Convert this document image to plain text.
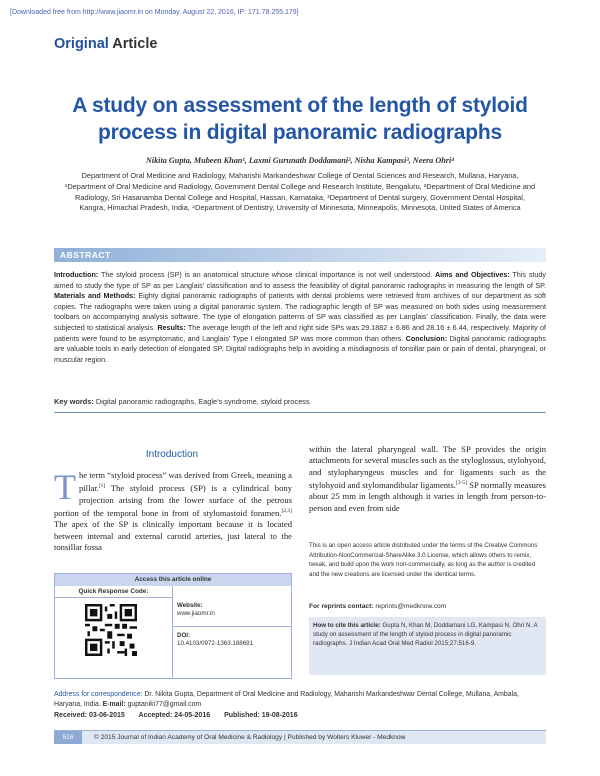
[Downloaded free from http://www.jiaomr.in on Monday, August 22, 2016, IP: 171.78.255.179]
Original Article
A study on assessment of the length of styloid process in digital panoramic radiographs
Nikita Gupta, Mubeen Khan¹, Laxmi Gurunath Doddamani², Nisha Kampasi³, Neera Ohri⁴
Department of Oral Medicine and Radiology, Maharishi Markandeshwar College of Dental Sciences and Research, Mullana, Haryana, ¹Department of Oral Medicine and Radiology, Government Dental College and Research Institute, Bengaluru, ²Department of Oral Medicine and Radiology, Sri Hasanamba Dental College and Hospital, Hassan, Karnataka, ³Department of Dental surgery, Government Dental Hospital, Kangra, Himachal Pradesh, India, ⁴Department of Dentistry, University of Minnesota, Minneapolis, Minnesota, United States of America
ABSTRACT
Introduction: The styloid process (SP) is an anatomical structure whose clinical importance is not well understood. Aims and Objectives: This study aimed to study the type of SP as per Langlais' classification and to assess the feasibility of digital panoramic radiographs in measuring the length of SP. Materials and Methods: Eighty digital panoramic radiographs of patients with dental problems were retrieved from archives of our department as soft copies. The radiographs were taken using a digital panoramic system. The radiographic length of SP was measured on both sides using measurement toolbars on accompanying analysis software. The type of elongation patterns of SP was classified as per Langlais' classification. Finally, the data were subjected to statistical analysis. Results: The average length of the left and right side SPs was 29.1882 ± 6.86 and 28.16 ± 6.44, respectively. Majority of patients were found to be asymptomatic, and Langlais' Type I elongated SP was more common than others. Conclusion: Digital panoramic radiographs are valuable tools in early detection of elongated SP. Digital radiographs help in avoiding a misdiagnosis of tonsillar pain or pain of dental, pharyngeal, or muscular region.
Key words: Digital panoramic radiographs, Eagle's syndrome, styloid process
Introduction
T he term “styloid process” was derived from Greek, meaning a pillar.[1] The styloid process (SP) is a cylindrical bony projection arising from the lower surface of the petrous portion of the temporal bone in front of stylomastoid foramen.[2,3] The apex of the SP is clinically important because it is located between internal and external carotid arteries, just lateral to the tonsillar fossa
within the lateral pharyngeal wall. The SP provides the origin attachments for several muscles such as the styloglossus, stylohyoid, and stylopharyngeus muscles and for ligaments such as the stylohyoid and stylomandibular ligaments.[3-5] SP normally measures about 25 mm in length although it varies in length from person-to-person and even from side
This is an open access article distributed under the terms of the Creative Commons Attribution-NonCommercial-ShareAlike 3.0 License, which allows others to remix, tweak, and build upon the work non-commercially, as long as the author is credited and the new creations are licensed under the identical terms.
For reprints contact: reprints@medknow.com
How to cite this article: Gupta N, Khan M, Doddamani LG, Kampasi N, Ohri N. A study on assessment of the length of styloid process in digital panoramic radiographs. J Indian Acad Oral Med Radiol 2015;27:516-9.
Access this article online
Quick Response Code:
Website:
www.jiaomr.in
DOI:
10.4103/0972-1363.188691
Address for correspondence: Dr. Nikita Gupta, Department of Oral Medicine and Radiology, Maharishi Markandeshwar Dental College, Mullana, Ambala, Haryana, India. E-mail: guptaniki77@gmail.com
Received: 03-06-2015 Accepted: 24-05-2016 Published: 19-08-2016
516	© 2015 Journal of Indian Academy of Oral Medicine & Radiology | Published by Wolters Kluwer - Medknow
